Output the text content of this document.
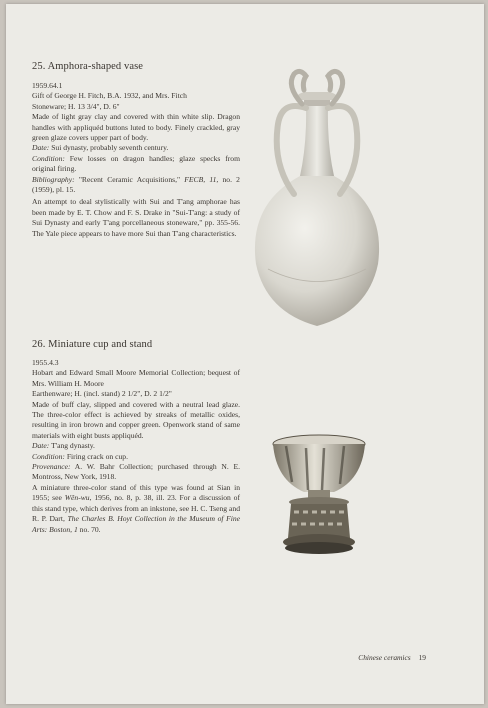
25. Amphora-shaped vase

1959.64.1

Gift of George H. Fitch, B.A. 1932, and Mrs. Fitch

Stoneware; H. 13 3/4", D. 6"

Made of light gray clay and covered with thin white slip. Dragon handles with appliquéd buttons luted to body. Finely crackled, gray green glaze covers upper part of body.

Date: Sui dynasty, probably seventh century.

Condition: Few losses on dragon handles; glaze specks from original firing.

Bibliography: "Recent Ceramic Acquisitions," FECB, 11, no. 2 (1959), pl. 15.

An attempt to deal stylistically with Sui and T'ang amphorae has been made by E. T. Chow and F. S. Drake in "Sui-T'ang: a study of Sui Dynasty and early T'ang porcellaneous stoneware," pp. 355-56. The Yale piece appears to have more Sui than T'ang characteristics.

26. Miniature cup and stand

1955.4.3

Hobart and Edward Small Moore Memorial Collection; bequest of Mrs. William H. Moore

Earthenware; H. (incl. stand) 2 1/2", D. 2 1/2"

Made of buff clay, slipped and covered with a neutral lead glaze. The three-color effect is achieved by streaks of metallic oxides, resulting in iron brown and copper green. Openwork stand of same materials with eight busts appliquéd.

Date: T'ang dynasty.

Condition: Firing crack on cup.

Provenance: A. W. Bahr Collection; purchased through N. E. Montross, New York, 1918.

A miniature three-color stand of this type was found at Sian in 1955; see Wên-wu, 1956, no. 8, p. 38, ill. 23. For a discussion of this stand type, which derives from an inkstone, see H. C. Tseng and R. P. Dart, The Charles B. Hoyt Collection in the Museum of Fine Arts: Boston, 1 no. 70.

Chinese ceramics 19
